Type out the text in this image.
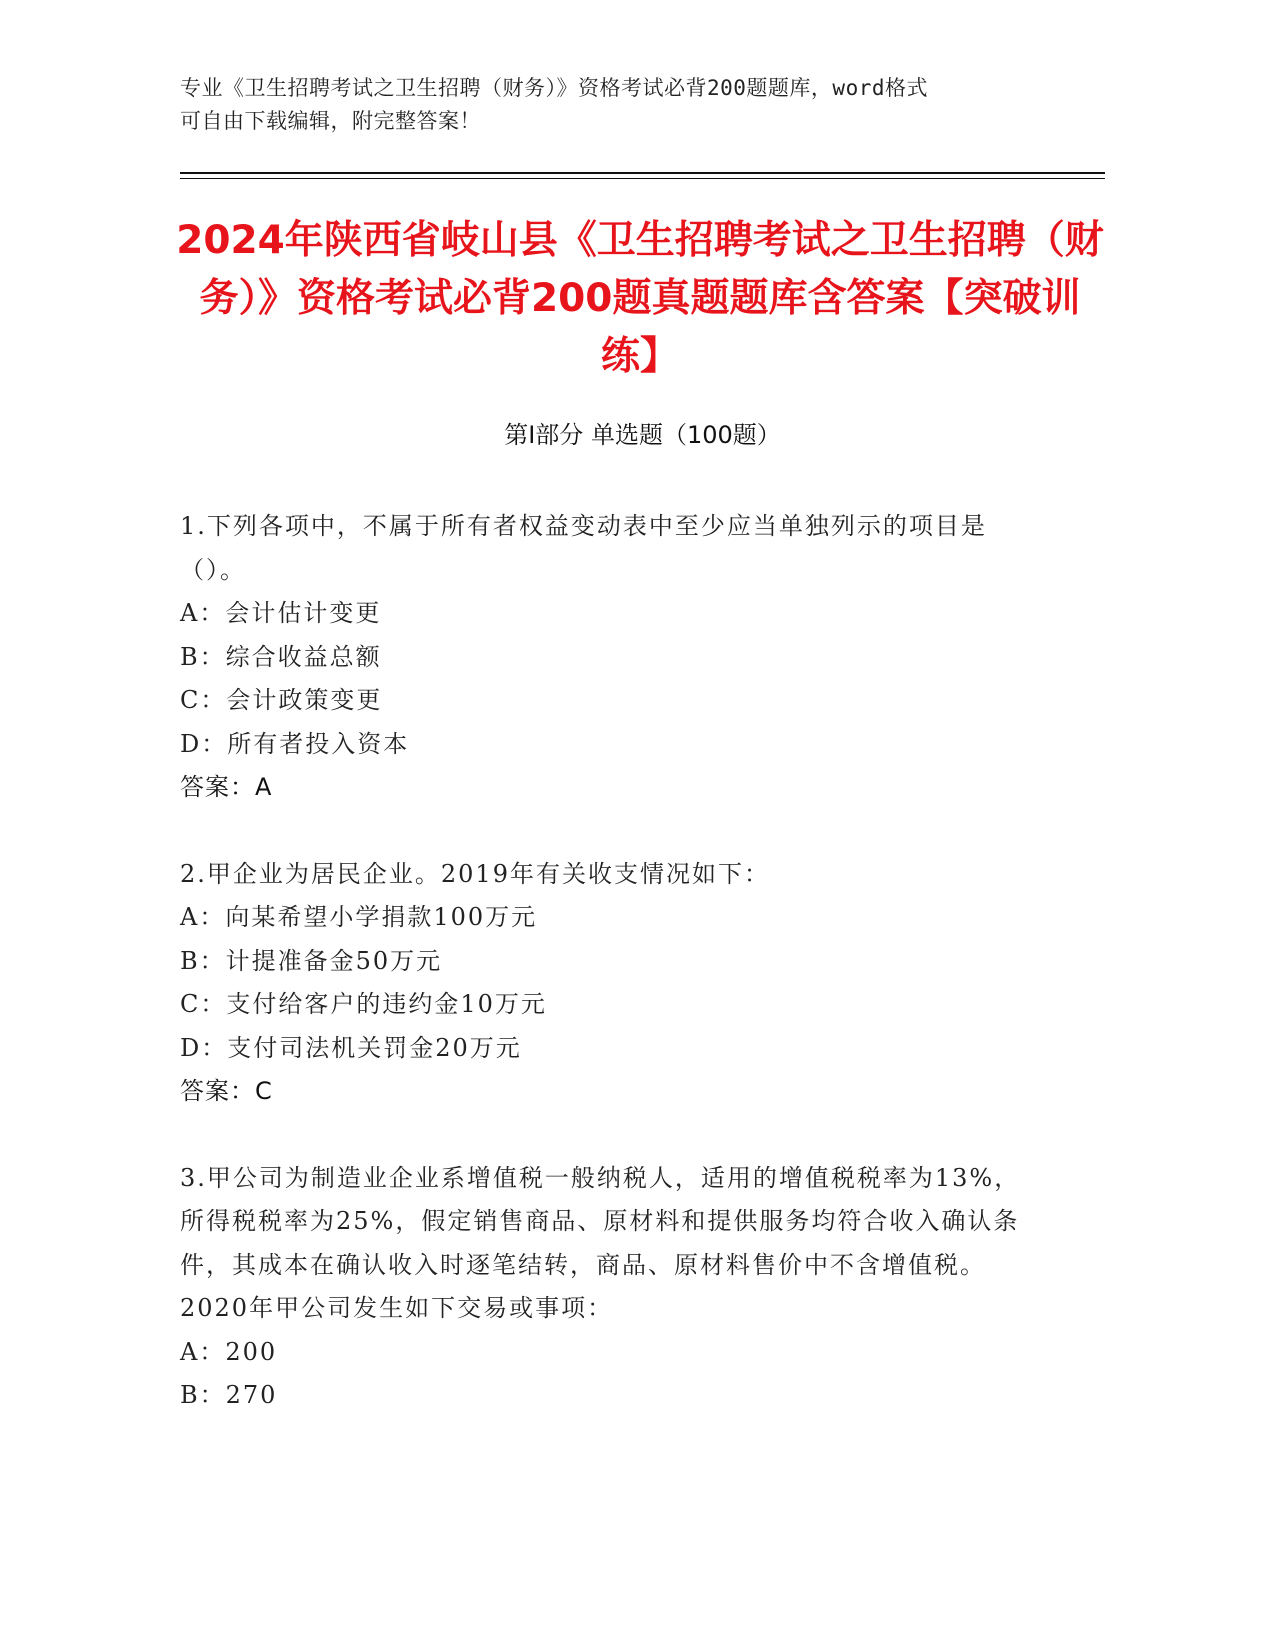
专业《卫生招聘考试之卫生招聘（财务）》资格考试必背200题题库，word格式
可自由下载编辑，附完整答案！
2024年陕西省岐山县《卫生招聘考试之卫生招聘（财务）》资格考试必背200题真题题库含答案【突破训练】
第I部分 单选题（100题）
1.下列各项中，不属于所有者权益变动表中至少应当单独列示的项目是（）。
A：会计估计变更
B：综合收益总额
C：会计政策变更
D：所有者投入资本
答案：A
2.甲企业为居民企业。2019年有关收支情况如下：
A：向某希望小学捐款100万元
B：计提准备金50万元
C：支付给客户的违约金10万元
D：支付司法机关罚金20万元
答案：C
3.甲公司为制造业企业系增值税一般纳税人，适用的增值税税率为13%，所得税税率为25%，假定销售商品、原材料和提供服务均符合收入确认条件，其成本在确认收入时逐笔结转，商品、原材料售价中不含增值税。2020年甲公司发生如下交易或事项：
A：200
B：270
